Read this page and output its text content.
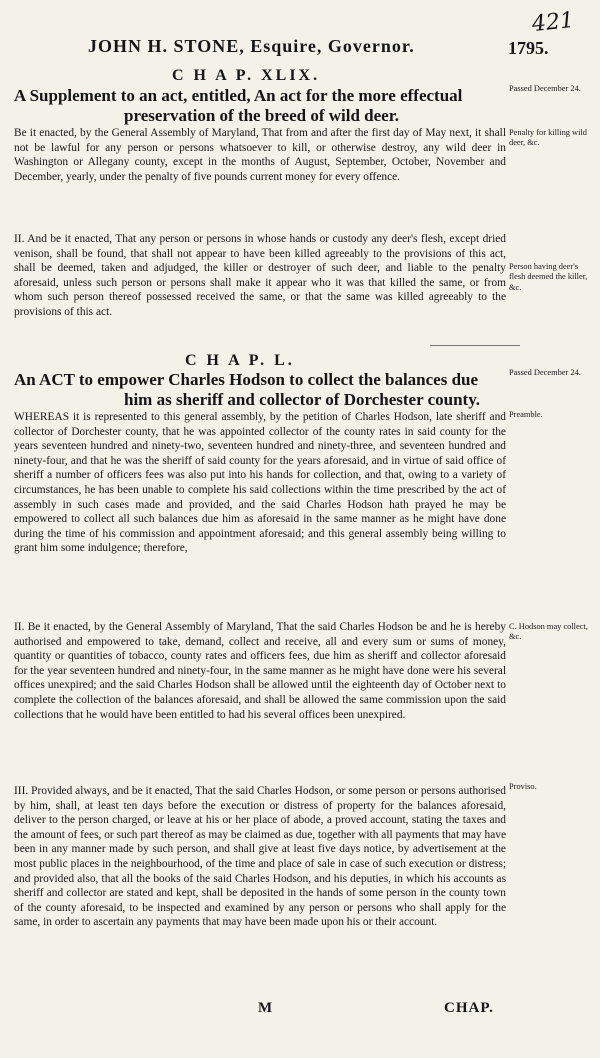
421
JOHN H. STONE, Esquire, Governor.	1795.
C H A P. XLIX.
A Supplement to an act, entitled, An act for the more effectual
preservation of the breed of wild deer.
Passed December 24.
Penalty for killing wild deer, &c.
Person having deer's flesh deemed the killer, &c.

Be it enacted, by the General Assembly of Maryland, That from and after the first day of May next, it shall not be lawful for any person or persons whatsoever to kill, or otherwise destroy, any wild deer in Washington or Allegany county, except in the months of August, September, October, November and December, yearly, under the penalty of five pounds current money for every offence.

II. And be it enacted, That any person or persons in whose hands or custody any deer's flesh, except dried venison, shall be found, that shall not appear to have been killed agreeably to the provisions of this act, shall be deemed, taken and adjudged, the killer or destroyer of such deer, and liable to the penalty aforesaid, unless such person or persons shall make it appear who it was that killed the same, or from whom such person thereof possessed received the same, or that the same was killed agreeably to the provisions of this act.

C H A P. L.
An ACT to empower Charles Hodson to collect the balances due
him as sheriff and collector of Dorchester county.
Passed December 24.
Preamble.
C. Hodson may collect, &c.
Proviso.

WHEREAS it is represented to this general assembly, by the petition of Charles Hodson, late sheriff and collector of Dorchester county, that he was appointed collector of the county rates in said county for the years seventeen hundred and ninety-two, seventeen hundred and ninety-three, and seventeen hundred and ninety-four, and that he was the sheriff of said county for the years aforesaid, and in virtue of said office of sheriff a number of officers fees was also put into his hands for collection, and that, owing to a variety of circumstances, he has been unable to complete his said collections within the time prescribed by the act of assembly in such cases made and provided, and the said Charles Hodson hath prayed he may be empowered to collect all such balances due him as aforesaid in the same manner as he might have done during the time of his commission and appointment aforesaid; and this general assembly being willing to grant him some indulgence; therefore,

II. Be it enacted, by the General Assembly of Maryland, That the said Charles Hodson be and he is hereby authorised and empowered to take, demand, collect and receive, all and every sum or sums of money, quantity or quantities of tobacco, county rates and officers fees, due him as sheriff and collector aforesaid for the year seventeen hundred and ninety-four, in the same manner as he might have done were his several offices unexpired; and the said Charles Hodson shall be allowed until the eighteenth day of October next to complete the collection of the balances aforesaid, and shall be allowed the same commission upon the said collections that he would have been entitled to had his several offices been unexpired.

III. Provided always, and be it enacted, That the said Charles Hodson, or some person or persons authorised by him, shall, at least ten days before the execution or distress of property for the balances aforesaid, deliver to the person charged, or leave at his or her place of abode, a proved account, stating the taxes and the amount of fees, or such part thereof as may be claimed as due, together with all payments that may have been in any manner made by such person, and shall give at least five days notice, by advertisement at the most public places in the neighbourhood, of the time and place of sale in case of such execution or distress; and provided also, that all the books of the said Charles Hodson, and his deputies, in which his accounts as sheriff and collector are stated and kept, shall be deposited in the hands of some person in the county town of the county aforesaid, to be inspected and examined by any person or persons who shall apply for the same, in order to ascertain any payments that may have been made upon his or their account.

M	CHAP.
